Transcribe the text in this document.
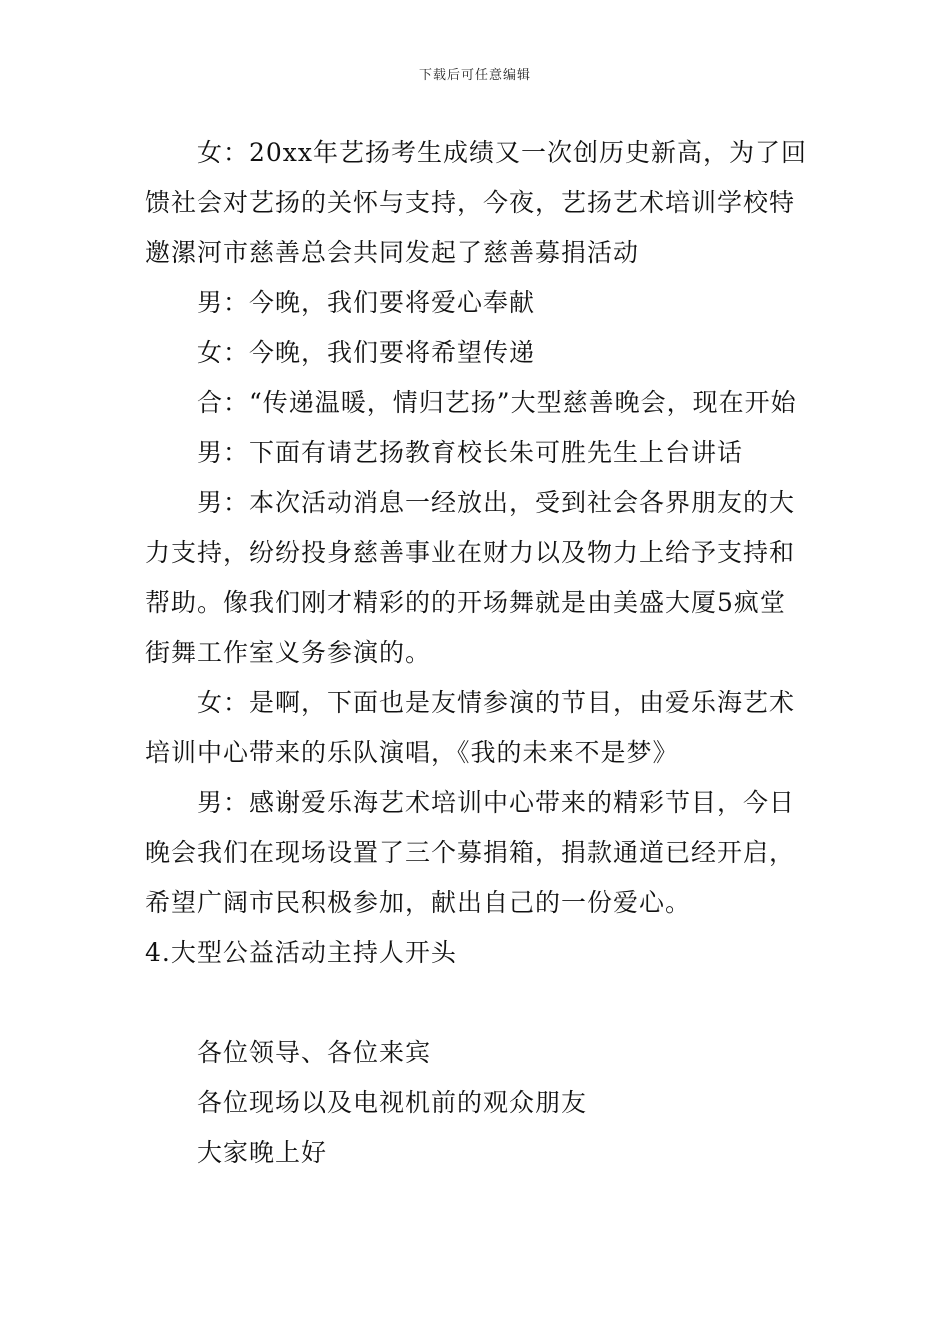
下载后可任意编辑

女：20xx年艺扬考生成绩又一次创历史新高，为了回馈社会对艺扬的关怀与支持，今夜，艺扬艺术培训学校特邀漯河市慈善总会共同发起了慈善募捐活动

男：今晚，我们要将爱心奉献

女：今晚，我们要将希望传递

合：“传递温暖，情归艺扬”大型慈善晚会，现在开始

男：下面有请艺扬教育校长朱可胜先生上台讲话

男：本次活动消息一经放出，受到社会各界朋友的大力支持，纷纷投身慈善事业在财力以及物力上给予支持和帮助。像我们刚才精彩的的开场舞就是由美盛大厦5疯堂街舞工作室义务参演的。

女：是啊，下面也是友情参演的节目，由爱乐海艺术培训中心带来的乐队演唱，《我的未来不是梦》

男：感谢爱乐海艺术培训中心带来的精彩节目，今日晚会我们在现场设置了三个募捐箱，捐款通道已经开启，希望广阔市民积极参加，献出自己的一份爱心。

4.大型公益活动主持人开头

各位领导、各位来宾

各位现场以及电视机前的观众朋友

大家晚上好
